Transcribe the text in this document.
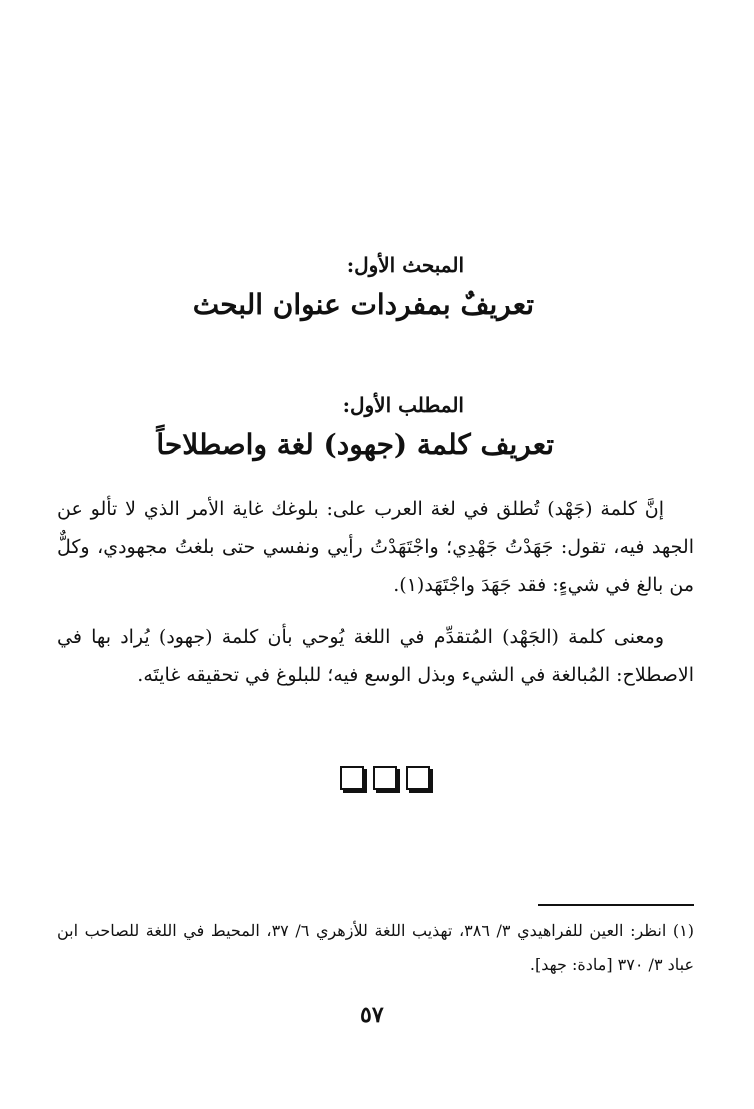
المبحث الأول:
تعريفٌ بمفردات عنوان البحث
المطلب الأول:
تعريف كلمة (جهود) لغة واصطلاحاً

إنَّ كلمة (جَهْد) تُطلق في لغة العرب على: بلوغك غاية الأمر الذي لا تألو عن الجهد فيه، تقول: جَهَدْتُ جَهْدِي؛ واجْتَهَدْتُ رأيي ونفسي حتى بلغتُ مجهودي، وكلٌّ من بالغ في شيءٍ: فقد جَهَدَ واجْتَهَد(١).

ومعنى كلمة (الجَهْد) المُتقدِّم في اللغة يُوحي بأن كلمة (جهود) يُراد بها في الاصطلاح: المُبالغة في الشيء وبذل الوسع فيه؛ للبلوغ في تحقيقه غايتَه.

(١) انظر: العين للفراهيدي ٣/ ٣٨٦، تهذيب اللغة للأزهري ٦/ ٣٧، المحيط في اللغة للصاحب ابن عباد ٣/ ٣٧٠ [مادة: جهد].

٥٧
